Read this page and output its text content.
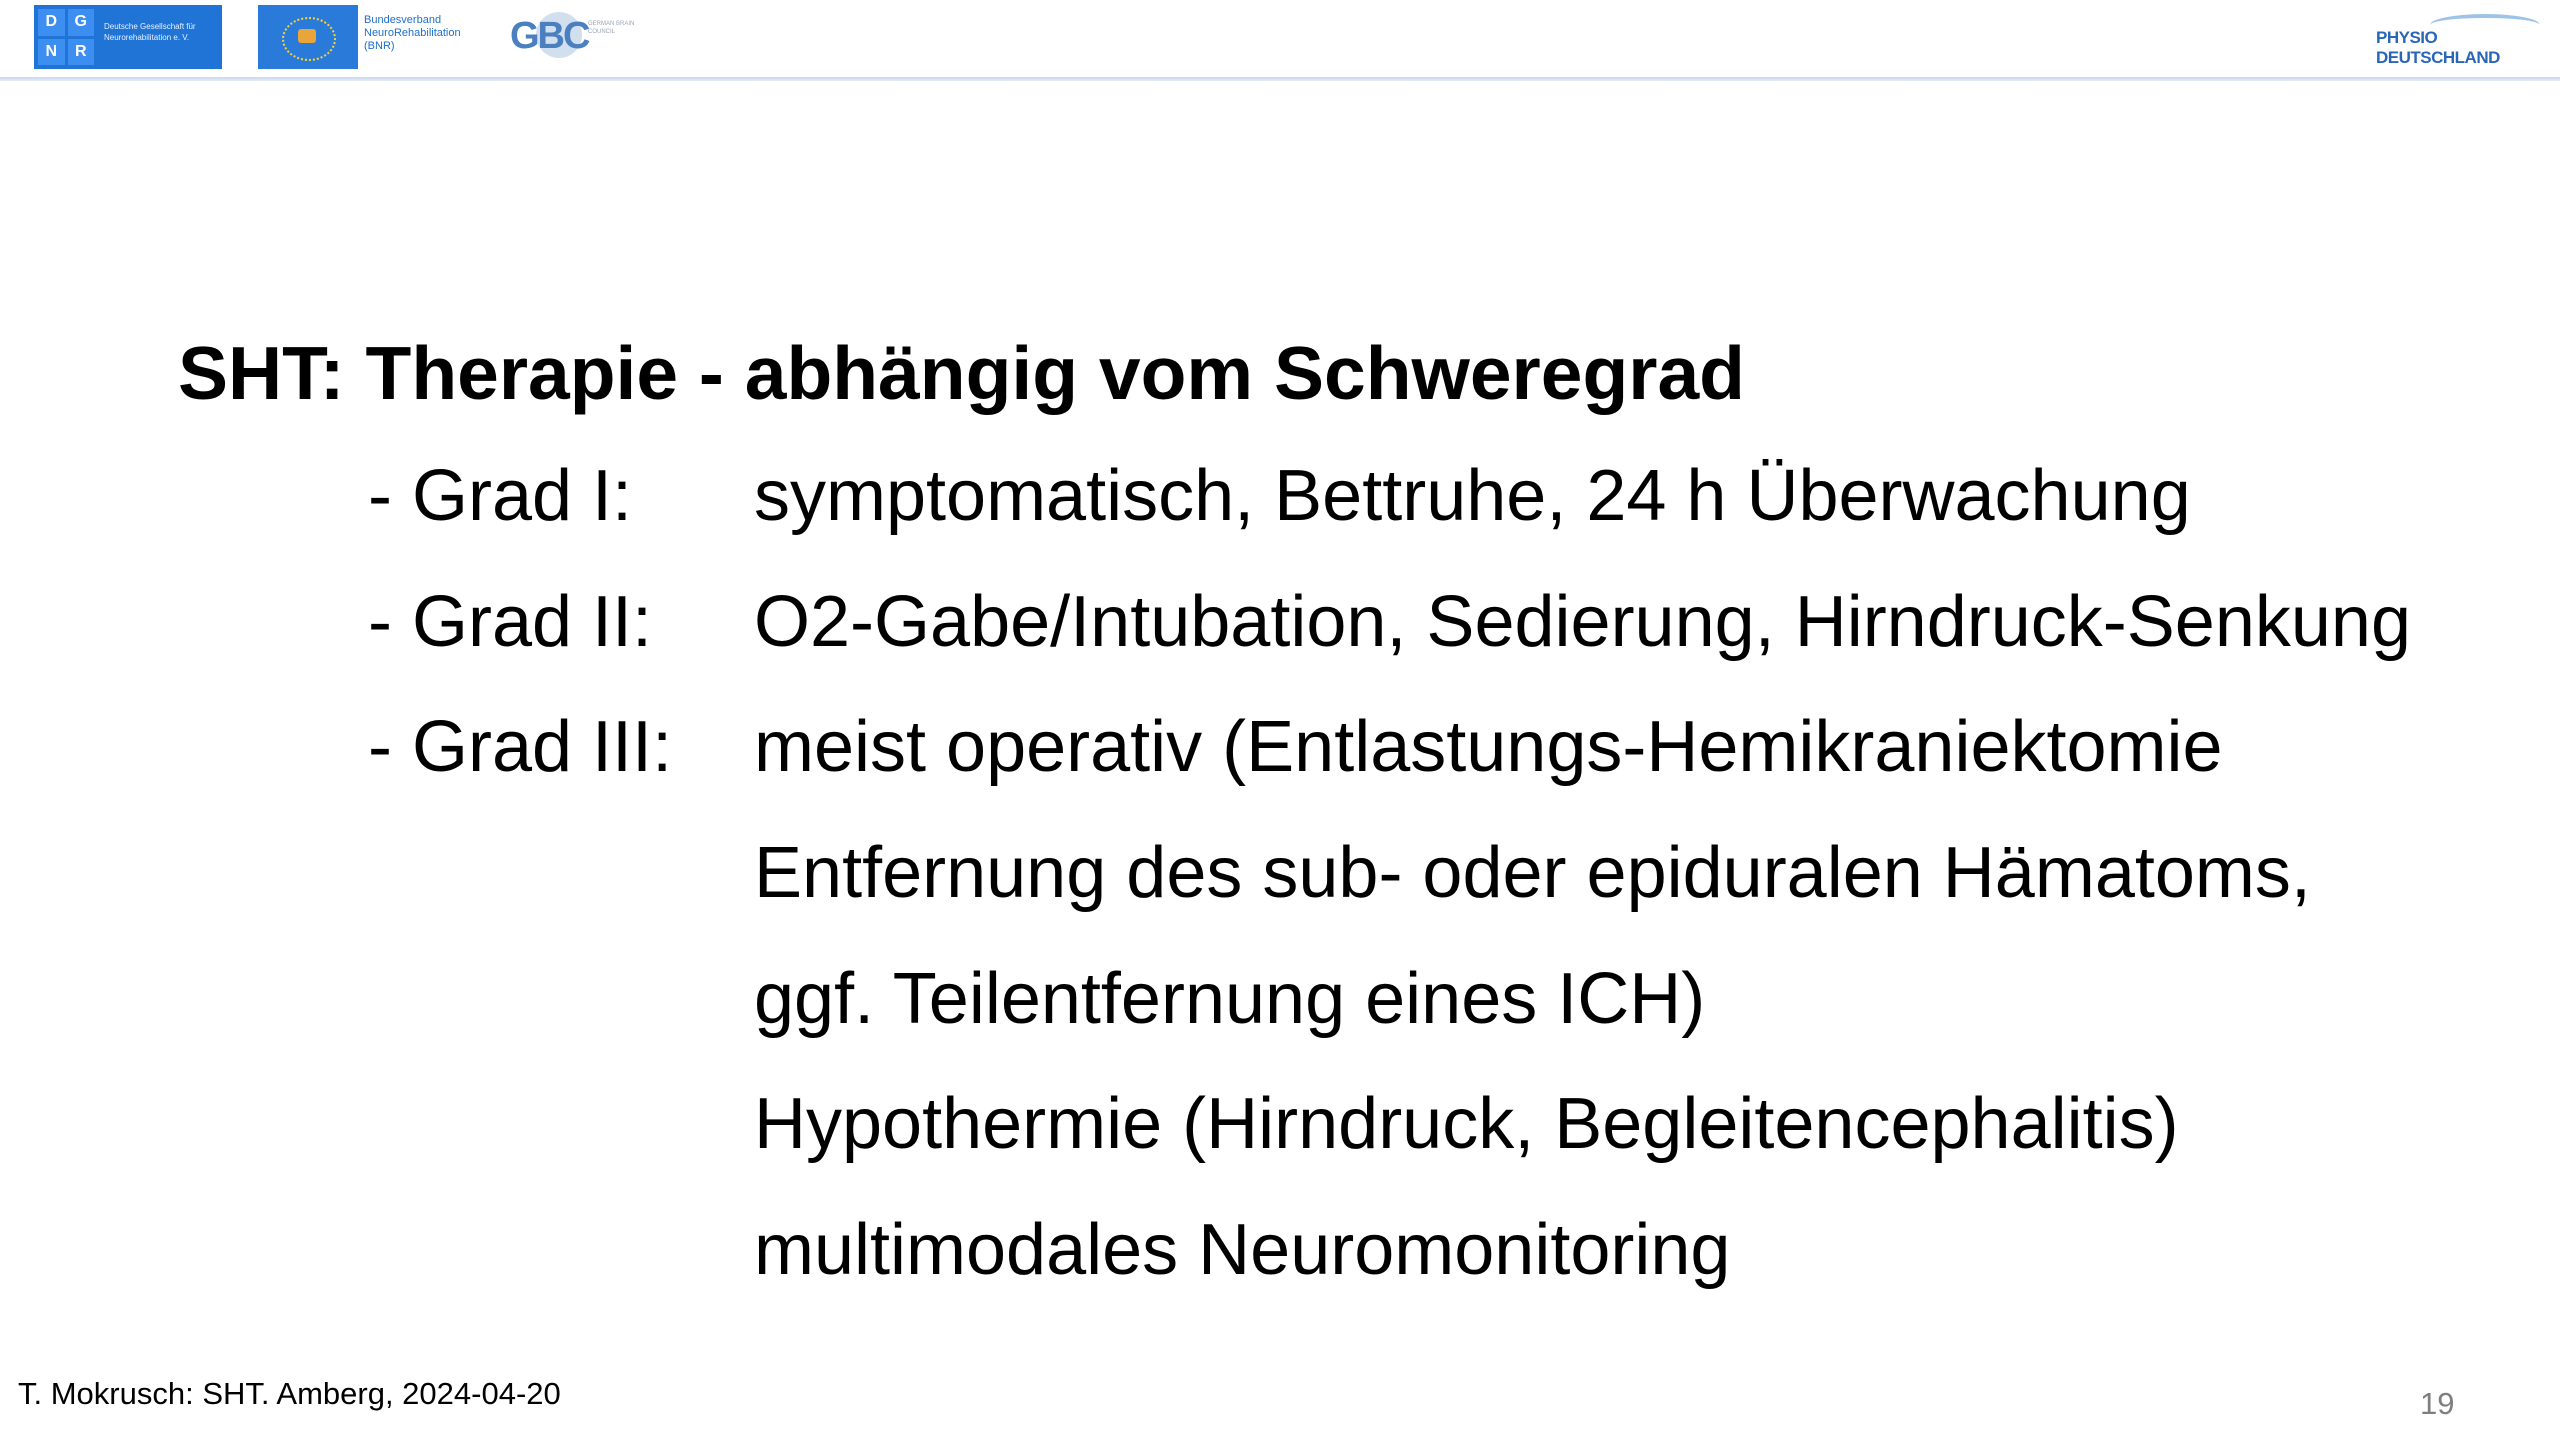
D	G
N	R
Deutsche Gesellschaft für Neurorehabilitation e. V.
Bundesverband NeuroRehabilitation (BNR)	GBC GERMAN BRAIN COUNCIL	PHYSIO DEUTSCHLAND
SHT: Therapie - abhängig vom Schweregrad
- Grad I: symptomatisch, Bettruhe, 24 h Überwachung
- Grad II: O2-Gabe/Intubation, Sedierung, Hirndruck-Senkung
- Grad III: meist operativ (Entlastungs-Hemikraniektomie
Entfernung des sub- oder epiduralen Hämatoms,
ggf. Teilentfernung eines ICH)
Hypothermie (Hirndruck, Begleitencephalitis)
multimodales Neuromonitoring
T. Mokrusch: SHT. Amberg, 2024-04-20	19
